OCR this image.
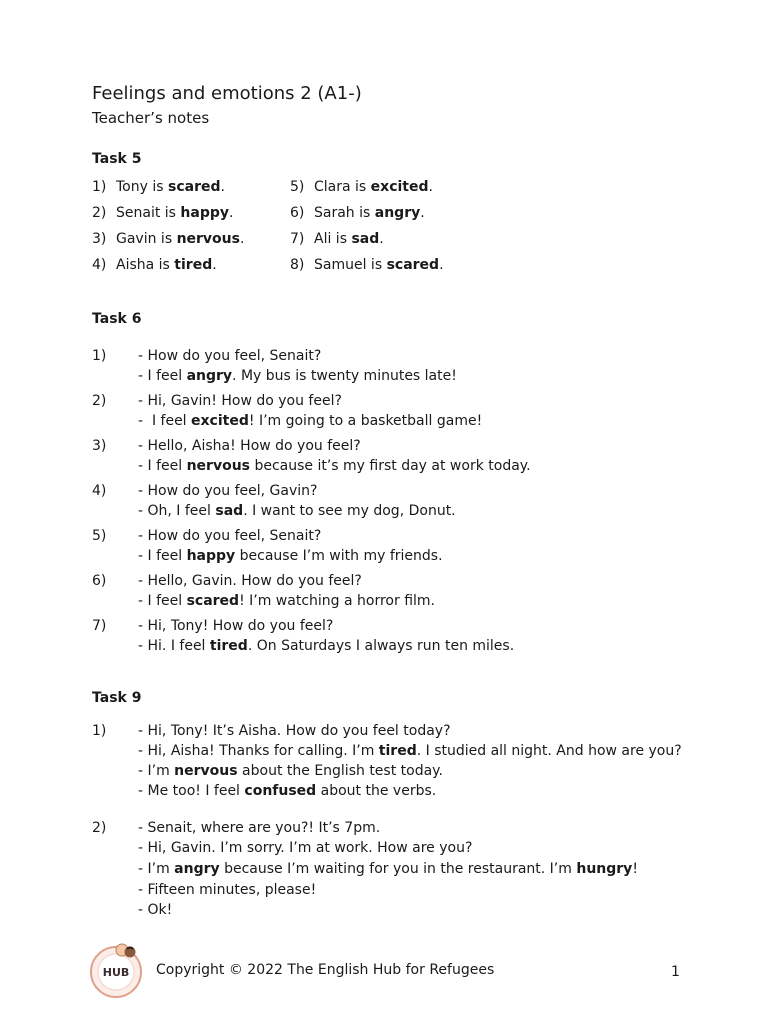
Feelings and emotions 2 (A1-)
Teacher’s notes
Task 5
1) Tony is scared.
2) Senait is happy.
3) Gavin is nervous.
4) Aisha is tired.
5) Clara is excited.
6) Sarah is angry.
7) Ali is sad.
8) Samuel is scared.
Task 6
1) - How do you feel, Senait?
- I feel angry. My bus is twenty minutes late!
2) - Hi, Gavin! How do you feel?
-  I feel excited! I’m going to a basketball game!
3) - Hello, Aisha! How do you feel?
- I feel nervous because it’s my first day at work today.
4) - How do you feel, Gavin?
- Oh, I feel sad. I want to see my dog, Donut.
5) - How do you feel, Senait?
- I feel happy because I’m with my friends.
6) - Hello, Gavin. How do you feel?
- I feel scared! I’m watching a horror film.
7) - Hi, Tony! How do you feel?
- Hi. I feel tired. On Saturdays I always run ten miles.
Task 9
1) - Hi, Tony! It’s Aisha. How do you feel today?
- Hi, Aisha! Thanks for calling. I’m tired. I studied all night. And how are you?
- I’m nervous about the English test today.
- Me too! I feel confused about the verbs.
2) - Senait, where are you?! It’s 7pm.
- Hi, Gavin. I’m sorry. I’m at work. How are you?
- I’m angry because I’m waiting for you in the restaurant. I’m hungry!
- Fifteen minutes, please!
- Ok!
HUB Copyright © 2022 The English Hub for Refugees	1
